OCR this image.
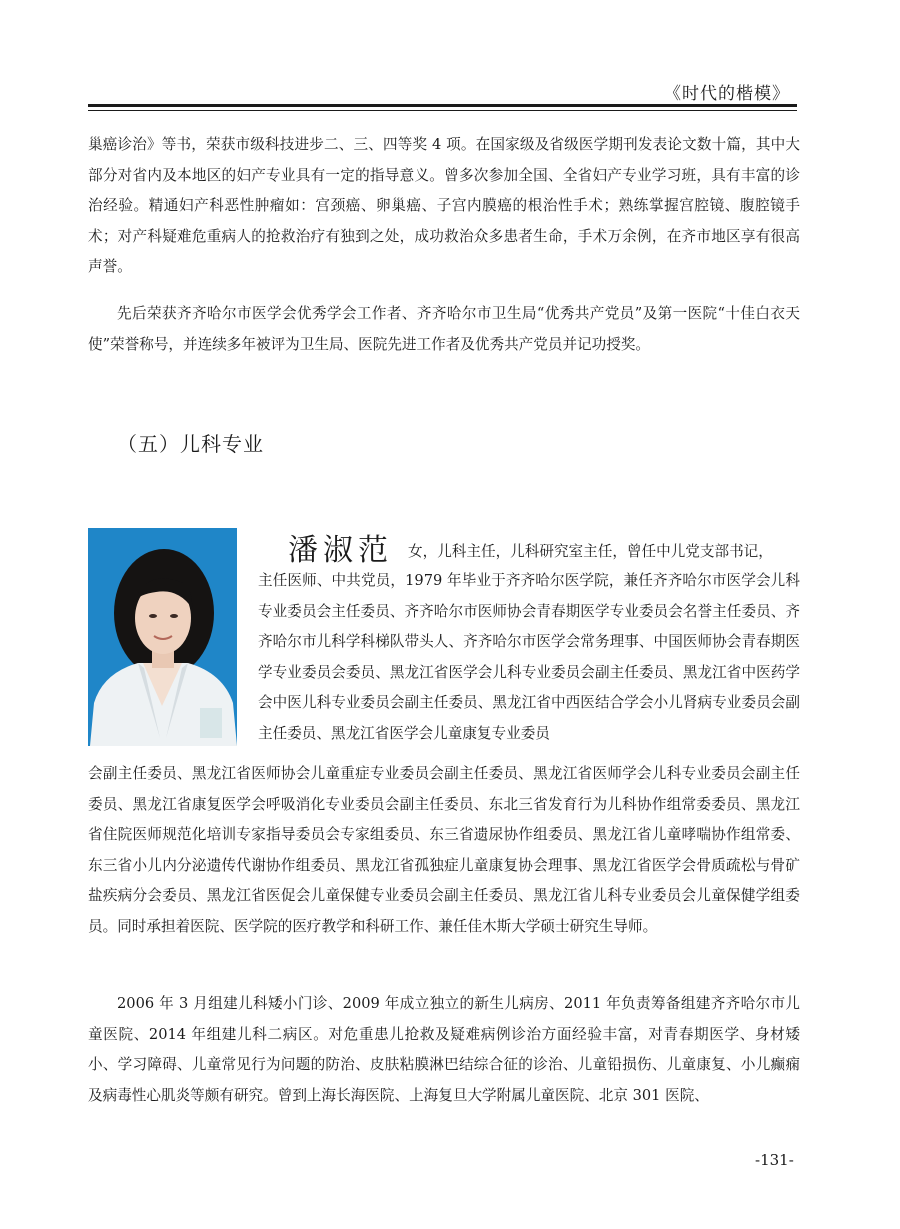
《时代的楷模》

巢癌诊治》等书，荣获市级科技进步二、三、四等奖 4 项。在国家级及省级医学期刊发表论文数十篇，其中大部分对省内及本地区的妇产专业具有一定的指导意义。曾多次参加全国、全省妇产专业学习班，具有丰富的诊治经验。精通妇产科恶性肿瘤如：宫颈癌、卵巢癌、子宫内膜癌的根治性手术；熟练掌握宫腔镜、腹腔镜手术；对产科疑难危重病人的抢救治疗有独到之处，成功救治众多患者生命，手术万余例，在齐市地区享有很高声誉。

先后荣获齐齐哈尔市医学会优秀学会工作者、齐齐哈尔市卫生局“优秀共产党员”及第一医院“十佳白衣天使”荣誉称号，并连续多年被评为卫生局、医院先进工作者及优秀共产党员并记功授奖。

（五）儿科专业
潘淑范 女，儿科主任，儿科研究室主任，曾任中儿党支部书记，

主任医师、中共党员，1979 年毕业于齐齐哈尔医学院，兼任齐齐哈尔市医学会儿科专业委员会主任委员、齐齐哈尔市医师协会青春期医学专业委员会名誉主任委员、齐齐哈尔市儿科学科梯队带头人、齐齐哈尔市医学会常务理事、中国医师协会青春期医学专业委员会委员、黑龙江省医学会儿科专业委员会副主任委员、黑龙江省中医药学会中医儿科专业委员会副主任委员、黑龙江省中西医结合学会小儿肾病专业委员会副主任委员、黑龙江省医学会儿童康复专业委员

会副主任委员、黑龙江省医师协会儿童重症专业委员会副主任委员、黑龙江省医师学会儿科专业委员会副主任委员、黑龙江省康复医学会呼吸消化专业委员会副主任委员、东北三省发育行为儿科协作组常委委员、黑龙江省住院医师规范化培训专家指导委员会专家组委员、东三省遗尿协作组委员、黑龙江省儿童哮喘协作组常委、东三省小儿内分泌遗传代谢协作组委员、黑龙江省孤独症儿童康复协会理事、黑龙江省医学会骨质疏松与骨矿盐疾病分会委员、黑龙江省医促会儿童保健专业委员会副主任委员、黑龙江省儿科专业委员会儿童保健学组委员。同时承担着医院、医学院的医疗教学和科研工作、兼任佳木斯大学硕士研究生导师。

2006 年 3 月组建儿科矮小门诊、2009 年成立独立的新生儿病房、2011 年负责筹备组建齐齐哈尔市儿童医院、2014 年组建儿科二病区。对危重患儿抢救及疑难病例诊治方面经验丰富，对青春期医学、身材矮小、学习障碍、儿童常见行为问题的防治、皮肤粘膜淋巴结综合征的诊治、儿童铅损伤、儿童康复、小儿癫痫及病毒性心肌炎等颇有研究。曾到上海长海医院、上海复旦大学附属儿童医院、北京 301 医院、

-131-
